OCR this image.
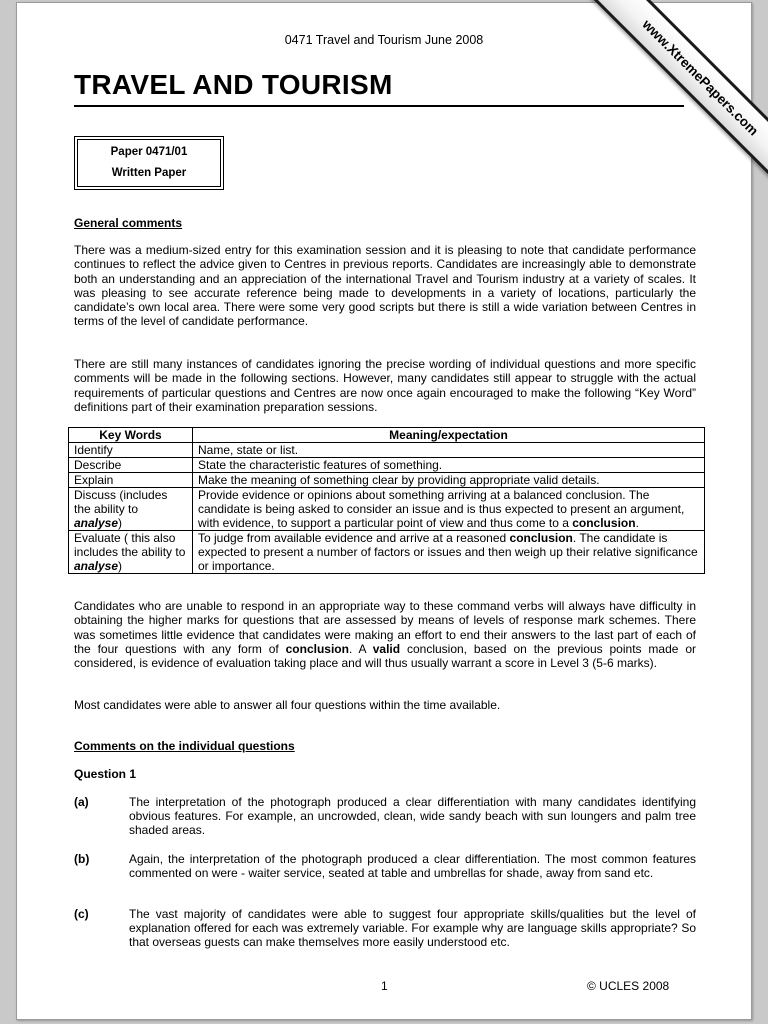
0471 Travel and Tourism June 2008
TRAVEL AND TOURISM
Paper 0471/01
Written Paper
General comments
There was a medium-sized entry for this examination session and it is pleasing to note that candidate performance continues to reflect the advice given to Centres in previous reports. Candidates are increasingly able to demonstrate both an understanding and an appreciation of the international Travel and Tourism industry at a variety of scales. It was pleasing to see accurate reference being made to developments in a variety of locations, particularly the candidate’s own local area. There were some very good scripts but there is still a wide variation between Centres in terms of the level of candidate performance.
There are still many instances of candidates ignoring the precise wording of individual questions and more specific comments will be made in the following sections. However, many candidates still appear to struggle with the actual requirements of particular questions and Centres are now once again encouraged to make the following “Key Word” definitions part of their examination preparation sessions.
Key Words	Meaning/expectation
Identify	Name, state or list.
Describe	State the characteristic features of something.
Explain	Make the meaning of something clear by providing appropriate valid details.
Discuss (includes the ability to analyse)	Provide evidence or opinions about something arriving at a balanced conclusion. The candidate is being asked to consider an issue and is thus expected to present an argument, with evidence, to support a particular point of view and thus come to a conclusion.
Evaluate ( this also includes the ability to analyse)	To judge from available evidence and arrive at a reasoned conclusion. The candidate is expected to present a number of factors or issues and then weigh up their relative significance or importance.
Candidates who are unable to respond in an appropriate way to these command verbs will always have difficulty in obtaining the higher marks for questions that are assessed by means of levels of response mark schemes. There was sometimes little evidence that candidates were making an effort to end their answers to the last part of each of the four questions with any form of conclusion. A valid conclusion, based on the previous points made or considered, is evidence of evaluation taking place and will thus usually warrant a score in Level 3 (5-6 marks).
Most candidates were able to answer all four questions within the time available.
Comments on the individual questions
Question 1
(a)	The interpretation of the photograph produced a clear differentiation with many candidates identifying obvious features. For example, an uncrowded, clean, wide sandy beach with sun loungers and palm tree shaded areas.
(b)	Again, the interpretation of the photograph produced a clear differentiation. The most common features commented on were - waiter service, seated at table and umbrellas for shade, away from sand etc.
(c)	The vast majority of candidates were able to suggest four appropriate skills/qualities but the level of explanation offered for each was extremely variable. For example why are language skills appropriate? So that overseas guests can make themselves more easily understood etc.
1	© UCLES 2008
www.XtremePapers.com
